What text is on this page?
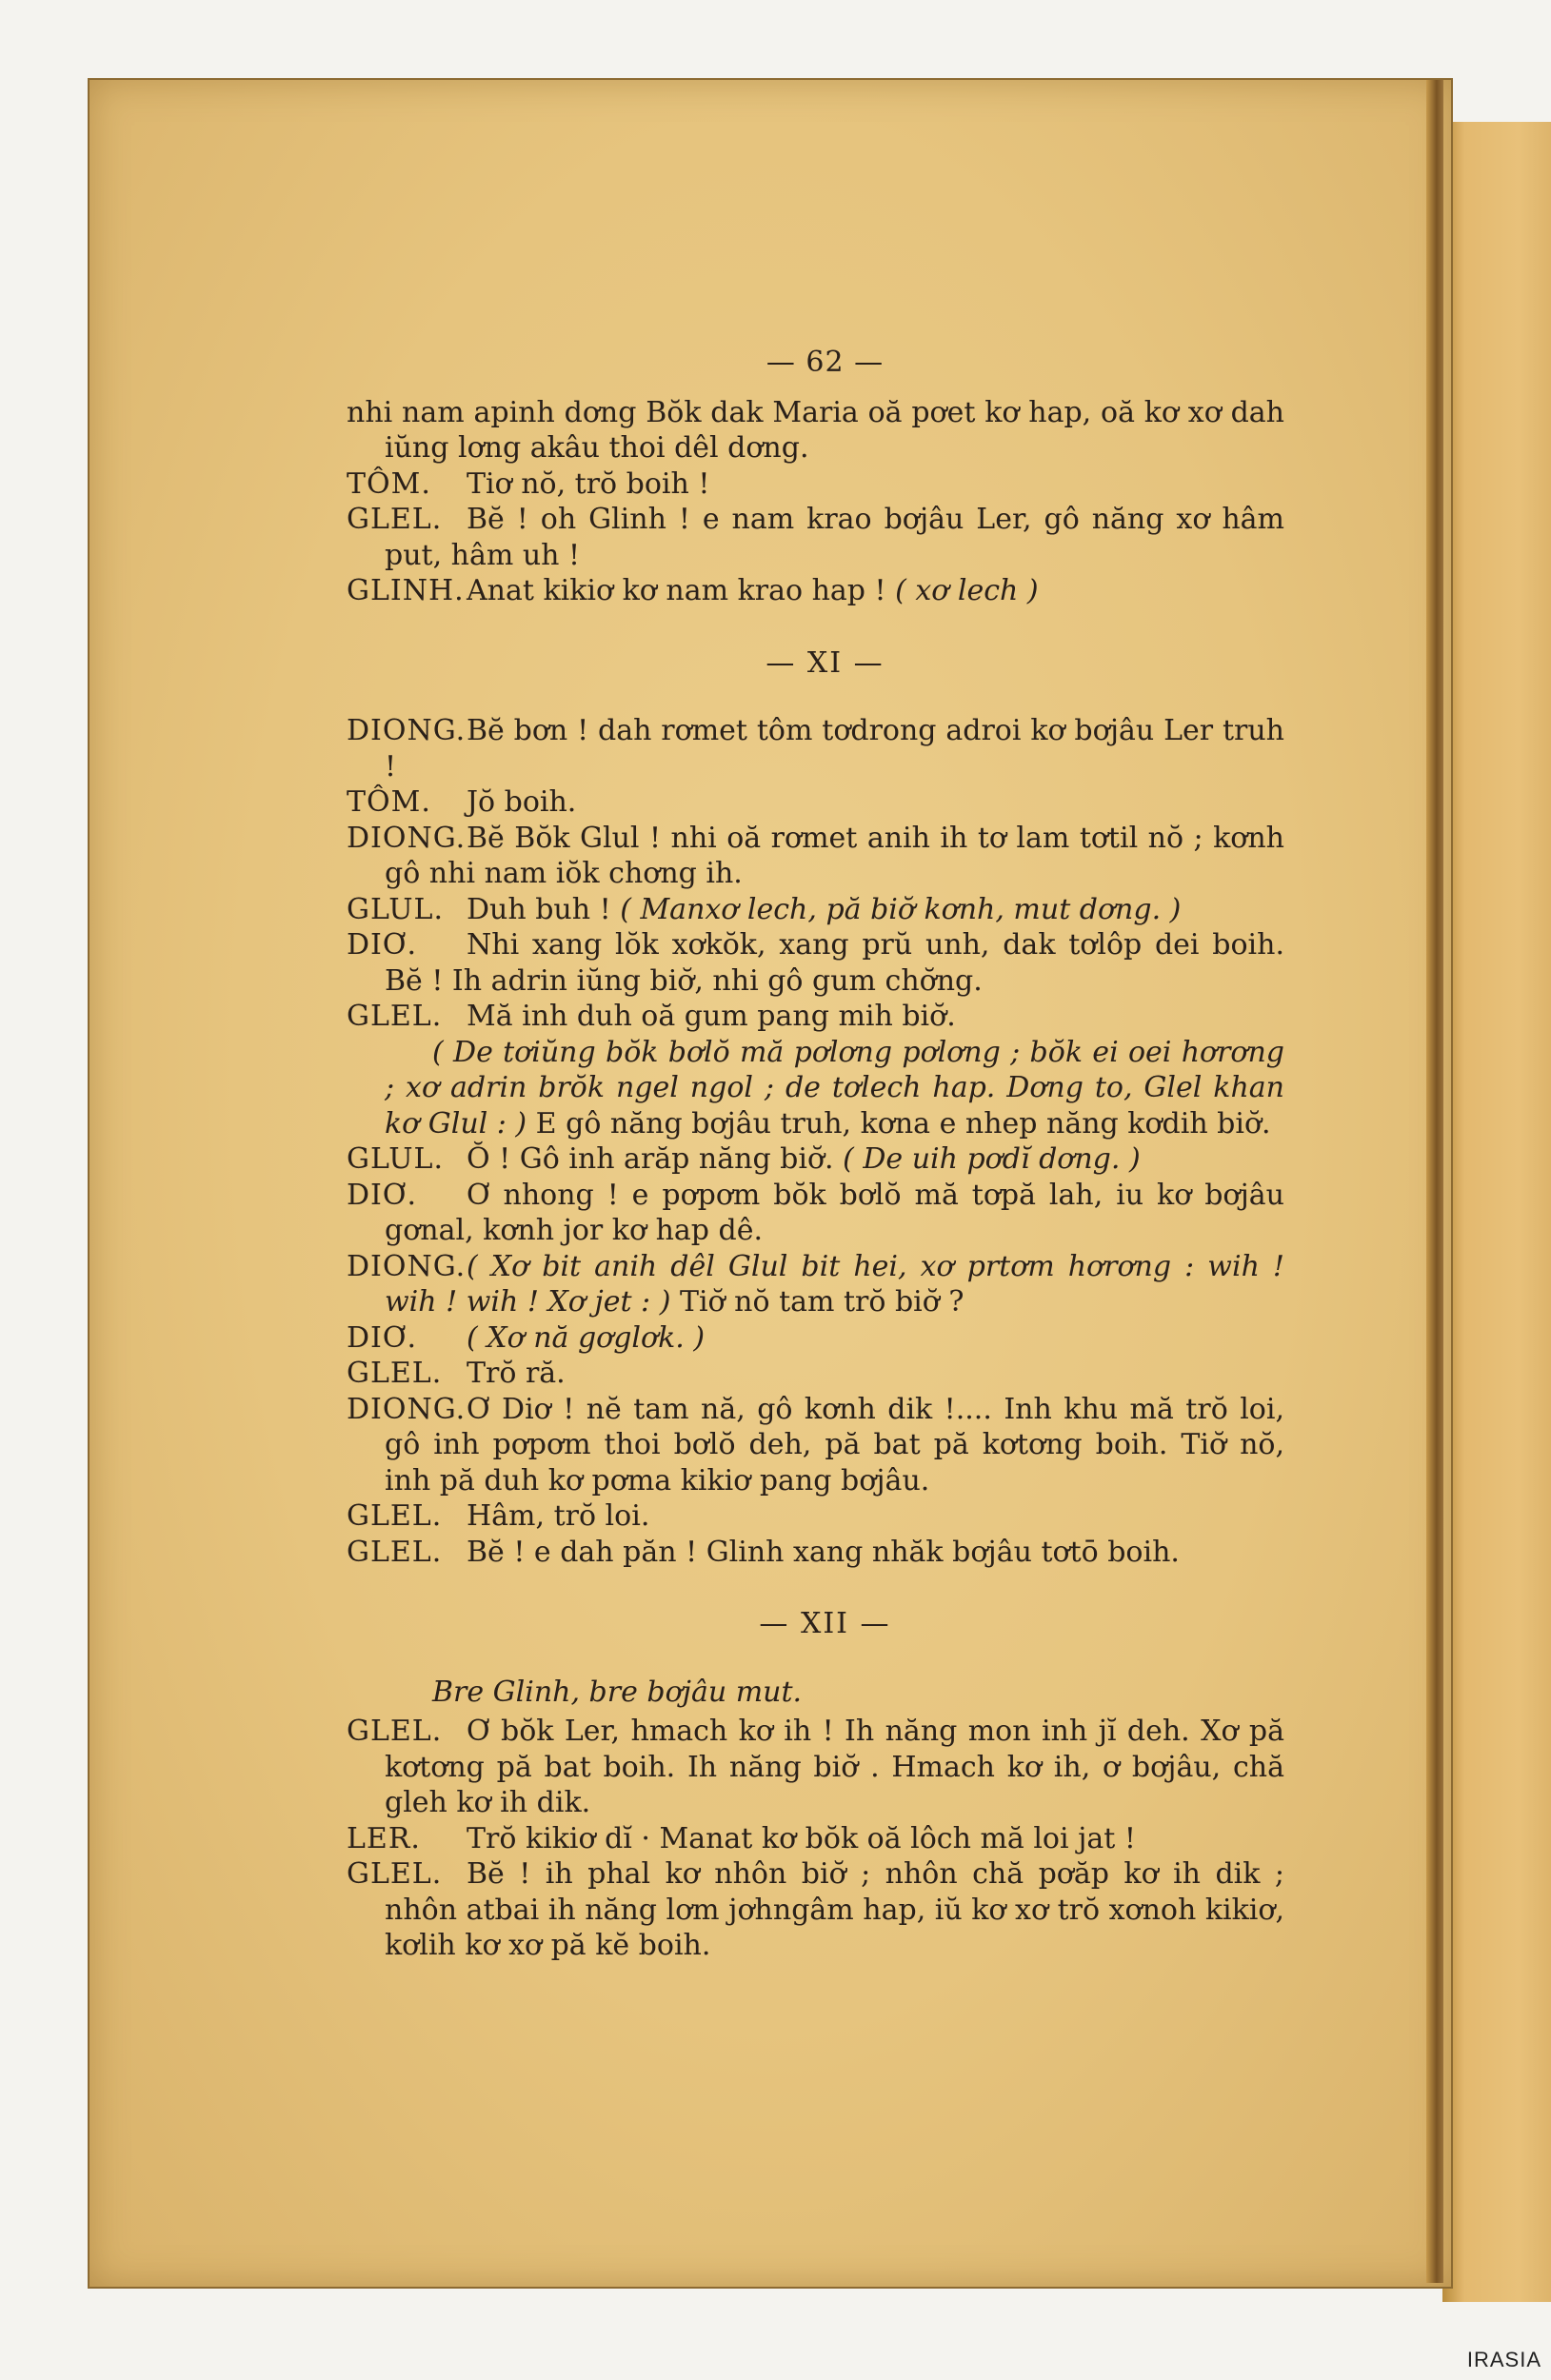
— 62 —

nhi nam apinh dơng Bŏk dak Maria oă pơet kơ hap, oă kơ xơ dah iŭng lơng akâu thoi dêl dơng.

TÔM. Tiơ nŏ, trŏ boih !

GLEL. Bĕ ! oh Glinh ! e nam krao bơjâu Ler, gô năng xơ hâm put, hâm uh !

GLINH.Anat kikiơ kơ nam krao hap ! ( xơ lech )

— XI —

DIONG.Bĕ bơn ! dah rơmet tôm tơdrong adroi kơ bơjâu Ler truh !

TÔM. Jŏ boih.

DIONG.Bĕ Bŏk Glul ! nhi oă rơmet anih ih tơ lam tơtil nŏ ; kơnh gô nhi nam iŏk chơng ih.

GLUL. Duh buh ! ( Manxơ lech, pă biơ̆ kơnh, mut dơng. )

DIƠ. Nhi xang lŏk xơkŏk, xang prŭ unh, dak tơlôp dei boih. Bĕ ! Ih adrin iŭng biơ̆, nhi gô gum chơ̆ng.

GLEL. Mă inh duh oă gum pang mih biơ̆.

( De tơiŭng bŏk bơlŏ mă pơlơng pơlơng ; bŏk ei oei hơrơng ; xơ adrin brŏk ngel ngol ; de tơlech hap. Dơng to, Glel khan kơ Glul : ) E gô năng bơjâu truh, kơna e nhep năng kơdih biơ̆.

GLUL. Ŏ ! Gô inh arăp năng biơ̆. ( De uih pơdĭ dơng. )

DIƠ. Ơ nhong ! e pơpơm bŏk bơlŏ mă tơpă lah, iu kơ bơjâu gơnal, kơnh jor kơ hap dê.

DIONG.( Xơ bit anih dêl Glul bit hei, xơ prtơm hơrơng : wih ! wih ! wih ! Xơ jet : ) Tiơ̆ nŏ tam trŏ biơ̆ ?

DIƠ. ( Xơ nă gơglơk. )

GLEL. Trŏ ră.

DIONG.Ơ Diơ ! nĕ tam nă, gô kơnh dik !.... Inh khu mă trŏ loi, gô inh pơpơm thoi bơlŏ deh, pă bat pă kơtơng boih. Tiơ̆ nŏ, inh pă duh kơ pơma kikiơ pang bơjâu.

GLEL. Hâm, trŏ loi.

GLEL. Bĕ ! e dah păn ! Glinh xang nhăk bơjâu tơtō boih.

— XII —

Bre Glinh, bre bơjâu mut.

GLEL. Ơ bŏk Ler, hmach kơ ih ! Ih năng mon inh jĭ deh. Xơ pă kơtơng pă bat boih. Ih năng biơ̆ . Hmach kơ ih, ơ bơjâu, chă gleh kơ ih dik.

LER. Trŏ kikiơ dĭ · Manat kơ bŏk oă lôch mă loi jat !

GLEL. Bĕ ! ih phal kơ nhôn biơ̆ ; nhôn chă pơăp kơ ih dik ; nhôn atbai ih năng lơm jơhngâm hap, iŭ kơ xơ trŏ xơnoh kikiơ, kơlih kơ xơ pă kĕ boih.

IRASIA
